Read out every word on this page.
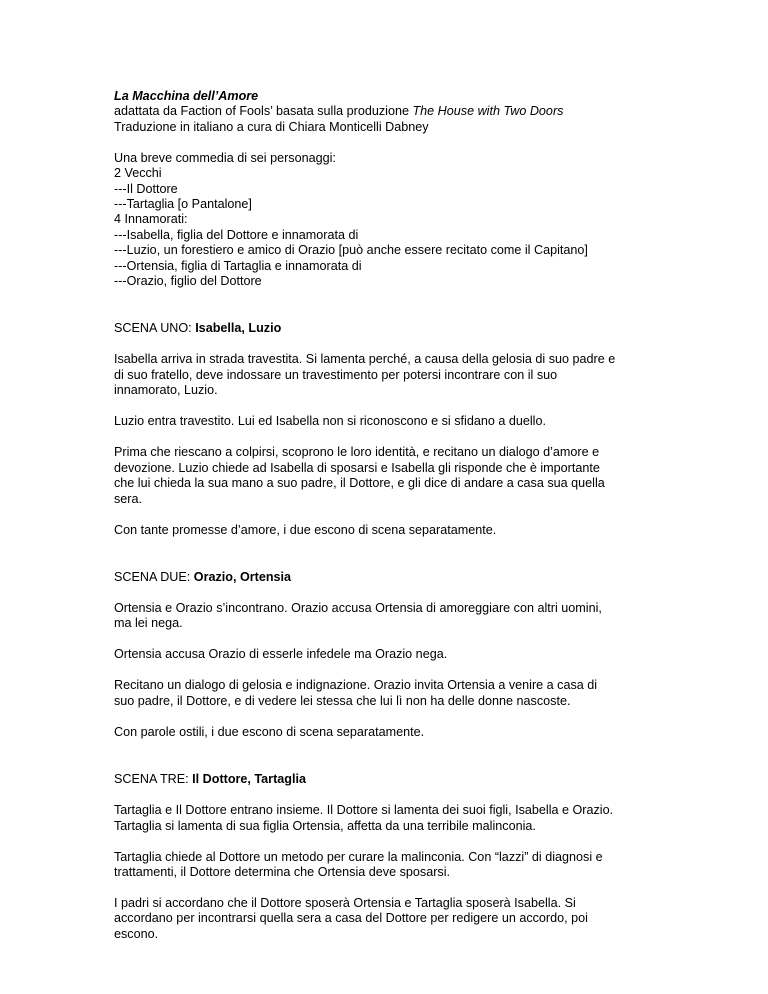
La Macchina dell’Amore
adattata da Faction of Fools’ basata sulla produzione The House with Two Doors
Traduzione in italiano a cura di Chiara Monticelli Dabney
Una breve commedia di sei personaggi:
2 Vecchi
---Il Dottore
---Tartaglia [o Pantalone]
4 Innamorati:
---Isabella, figlia del Dottore e innamorata di
---Luzio, un forestiero e amico di Orazio [può anche essere recitato come il Capitano]
---Ortensia, figlia di Tartaglia e innamorata di
---Orazio, figlio del Dottore
SCENA UNO: Isabella, Luzio
Isabella arriva in strada travestita. Si lamenta perché, a causa della gelosia di suo padre e
di suo fratello, deve indossare un travestimento per potersi incontrare con il suo
innamorato, Luzio.
Luzio entra travestito. Lui ed Isabella non si riconoscono e si sfidano a duello.
Prima che riescano a colpirsi, scoprono le loro identità, e recitano un dialogo d’amore e
devozione. Luzio chiede ad Isabella di sposarsi e Isabella gli risponde che è importante
che lui chieda la sua mano a suo padre, il Dottore, e gli dice di andare a casa sua quella
sera.
Con tante promesse d’amore, i due escono di scena separatamente.
SCENA DUE: Orazio, Ortensia
Ortensia e Orazio s’incontrano. Orazio accusa Ortensia di amoreggiare con altri uomini,
ma lei nega.
Ortensia accusa Orazio di esserle infedele ma Orazio nega.
Recitano un dialogo di gelosia e indignazione. Orazio invita Ortensia a venire a casa di
suo padre, il Dottore, e di vedere lei stessa che lui lì non ha delle donne nascoste.
Con parole ostili, i due escono di scena separatamente.
SCENA TRE: Il Dottore, Tartaglia
Tartaglia e Il Dottore entrano insieme. Il Dottore si lamenta dei suoi figli, Isabella e Orazio.
Tartaglia si lamenta di sua figlia Ortensia, affetta da una terribile malinconia.
Tartaglia chiede al Dottore un metodo per curare la malinconia. Con “lazzi” di diagnosi e
trattamenti, il Dottore determina che Ortensia deve sposarsi.
I padri si accordano che il Dottore sposerà Ortensia e Tartaglia sposerà Isabella. Si
accordano per incontrarsi quella sera a casa del Dottore per redigere un accordo, poi
escono.
